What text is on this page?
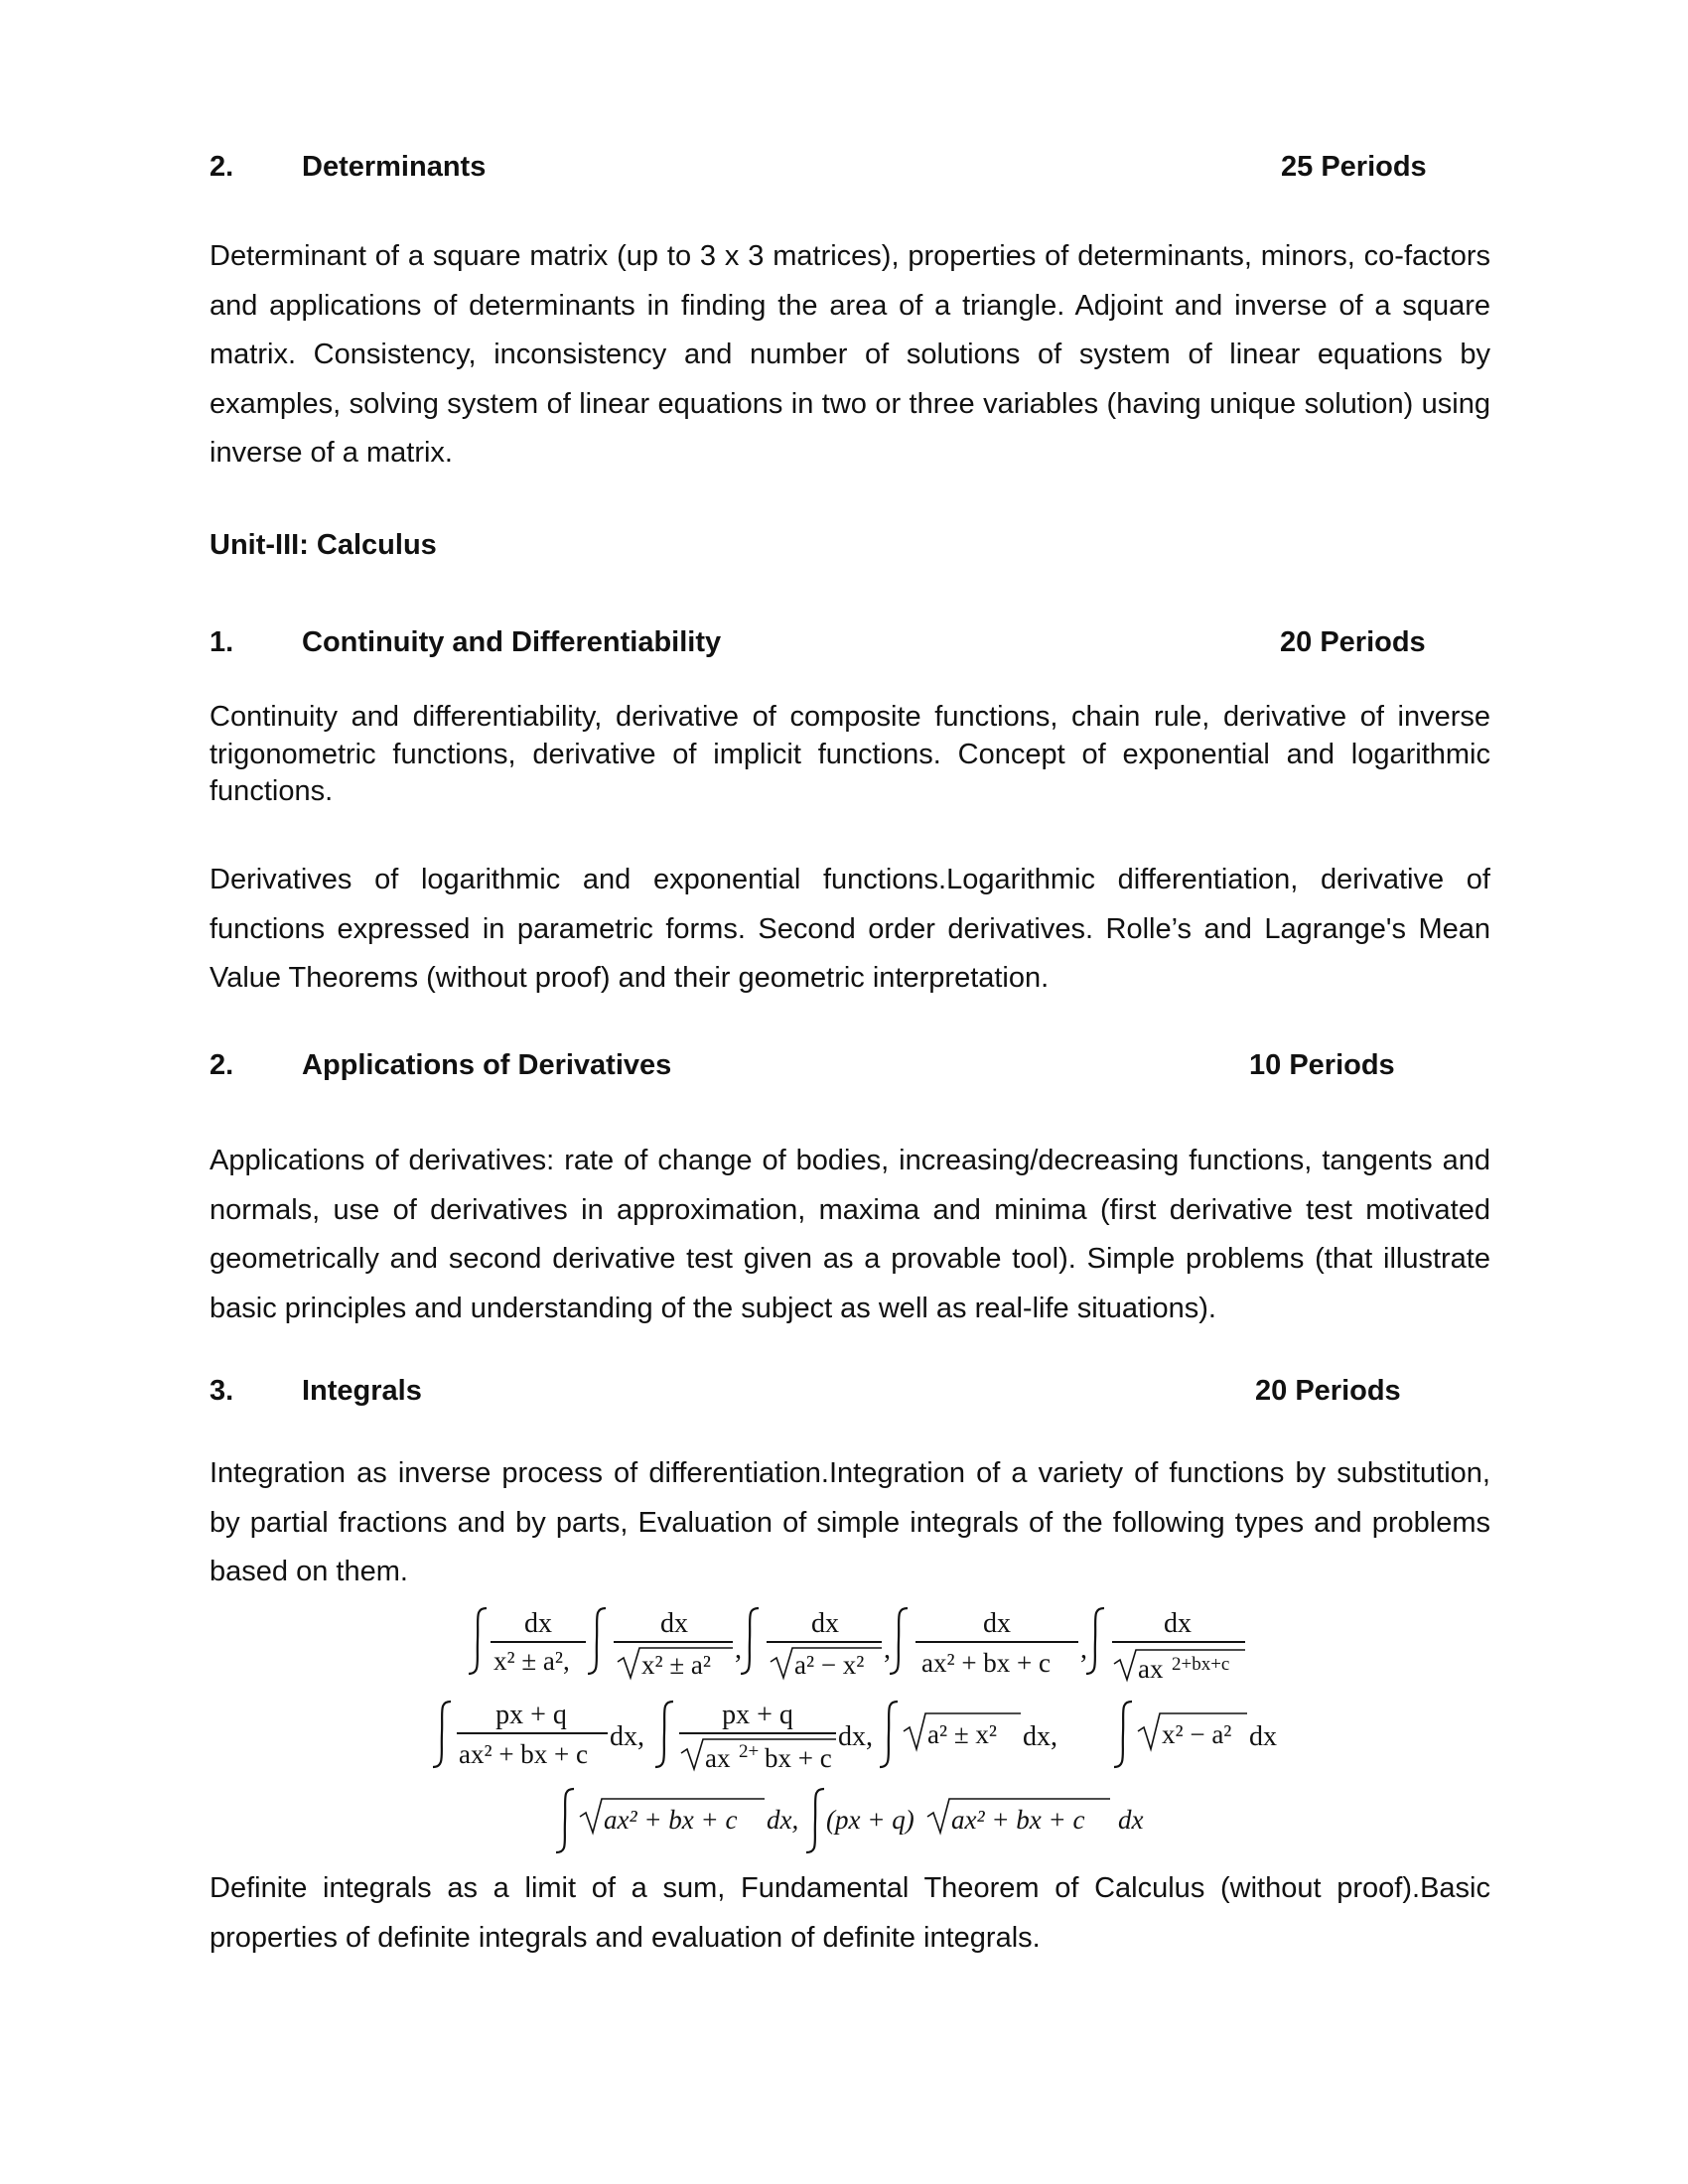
2. Determinants	25 Periods
Determinant of a square matrix (up to 3 x 3 matrices), properties of determinants, minors, co-factors and applications of determinants in finding the area of a triangle. Adjoint and inverse of a square matrix. Consistency, inconsistency and number of solutions of system of linear equations by examples, solving system of linear equations in two or three variables (having unique solution) using inverse of a matrix.
Unit-III: Calculus
1. Continuity and Differentiability	20 Periods
Continuity and differentiability, derivative of composite functions, chain rule, derivative of inverse trigonometric functions, derivative of implicit functions. Concept of exponential and logarithmic functions.
Derivatives of logarithmic and exponential functions.Logarithmic differentiation, derivative of functions expressed in parametric forms. Second order derivatives. Rolle’s and Lagrange's Mean Value Theorems (without proof) and their geometric interpretation.
2. Applications of Derivatives	10 Periods
Applications of derivatives: rate of change of bodies, increasing/decreasing functions, tangents and normals, use of derivatives in approximation, maxima and minima (first derivative test motivated geometrically and second derivative test given as a provable tool). Simple problems (that illustrate basic principles and understanding of the subject as well as real-life situations).
3. Integrals	20 Periods
Integration as inverse process of differentiation.Integration of a variety of functions by substitution, by partial fractions and by parts, Evaluation of simple integrals of the following types and problems based on them.
dx
x² ± a²,
dx
x² ± a² ,
dx
a² − x² ,
dx
ax² + bx + c ,
dx
ax 2+bx+c
px + q
ax² + bx + c
dx,
px + q
ax 2+ bx + c
dx, a² ± x² dx,	x² − a² dx
ax² + bx + c dx, (px + q) ax² + bx + c dx
Definite integrals as a limit of a sum, Fundamental Theorem of Calculus (without proof).Basic properties of definite integrals and evaluation of definite integrals.
